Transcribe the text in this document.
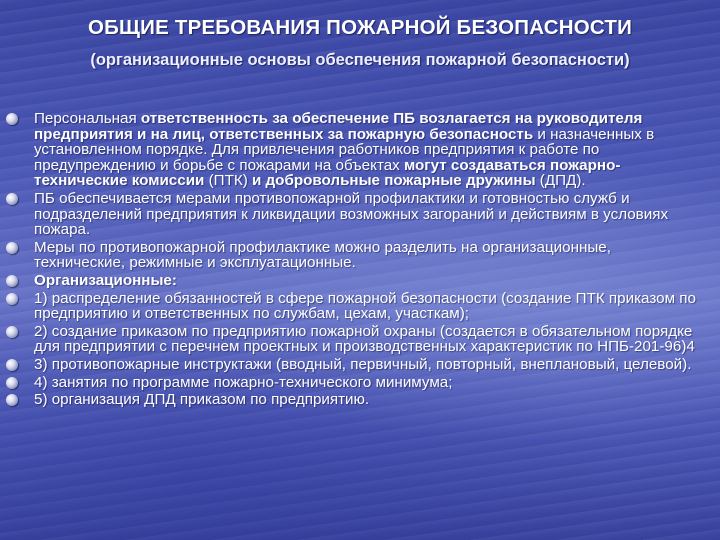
ОБЩИЕ ТРЕБОВАНИЯ ПОЖАРНОЙ БЕЗОПАСНОСТИ
(организационные основы обеспечения пожарной безопасности)
Персональная ответственность за обеспечение ПБ возлагается на руководителя предприятия и на лиц, ответственных за пожарную безопасность и назначенных в установленном порядке. Для привлечения работников предприятия к работе по предупреждению и борьбе с пожарами на объектах могут создаваться пожарно-технические комиссии (ПТК) и добровольные пожарные дружины (ДПД).
ПБ обеспечивается мерами противопожарной профилактики и готовностью служб и подразделений предприятия к ликвидации возможных загораний и действиям в условиях пожара.
Меры по противопожарной профилактике можно разделить на организационные, технические, режимные и эксплуатационные.
Организационные:
1) распределение обязанностей в сфере пожарной безопасности (создание ПТК приказом по предприятию и ответственных по службам, цехам, участкам);
2) создание приказом по предприятию пожарной охраны (создается в обязательном порядке для предприятии с перечнем проектных и производственных характеристик по НПБ-201-96)4
3) противопожарные инструктажи (вводный, первичный, повторный, внеплановый, целевой).
4) занятия по программе пожарно-технического минимума;
5) организация ДПД приказом по предприятию.
